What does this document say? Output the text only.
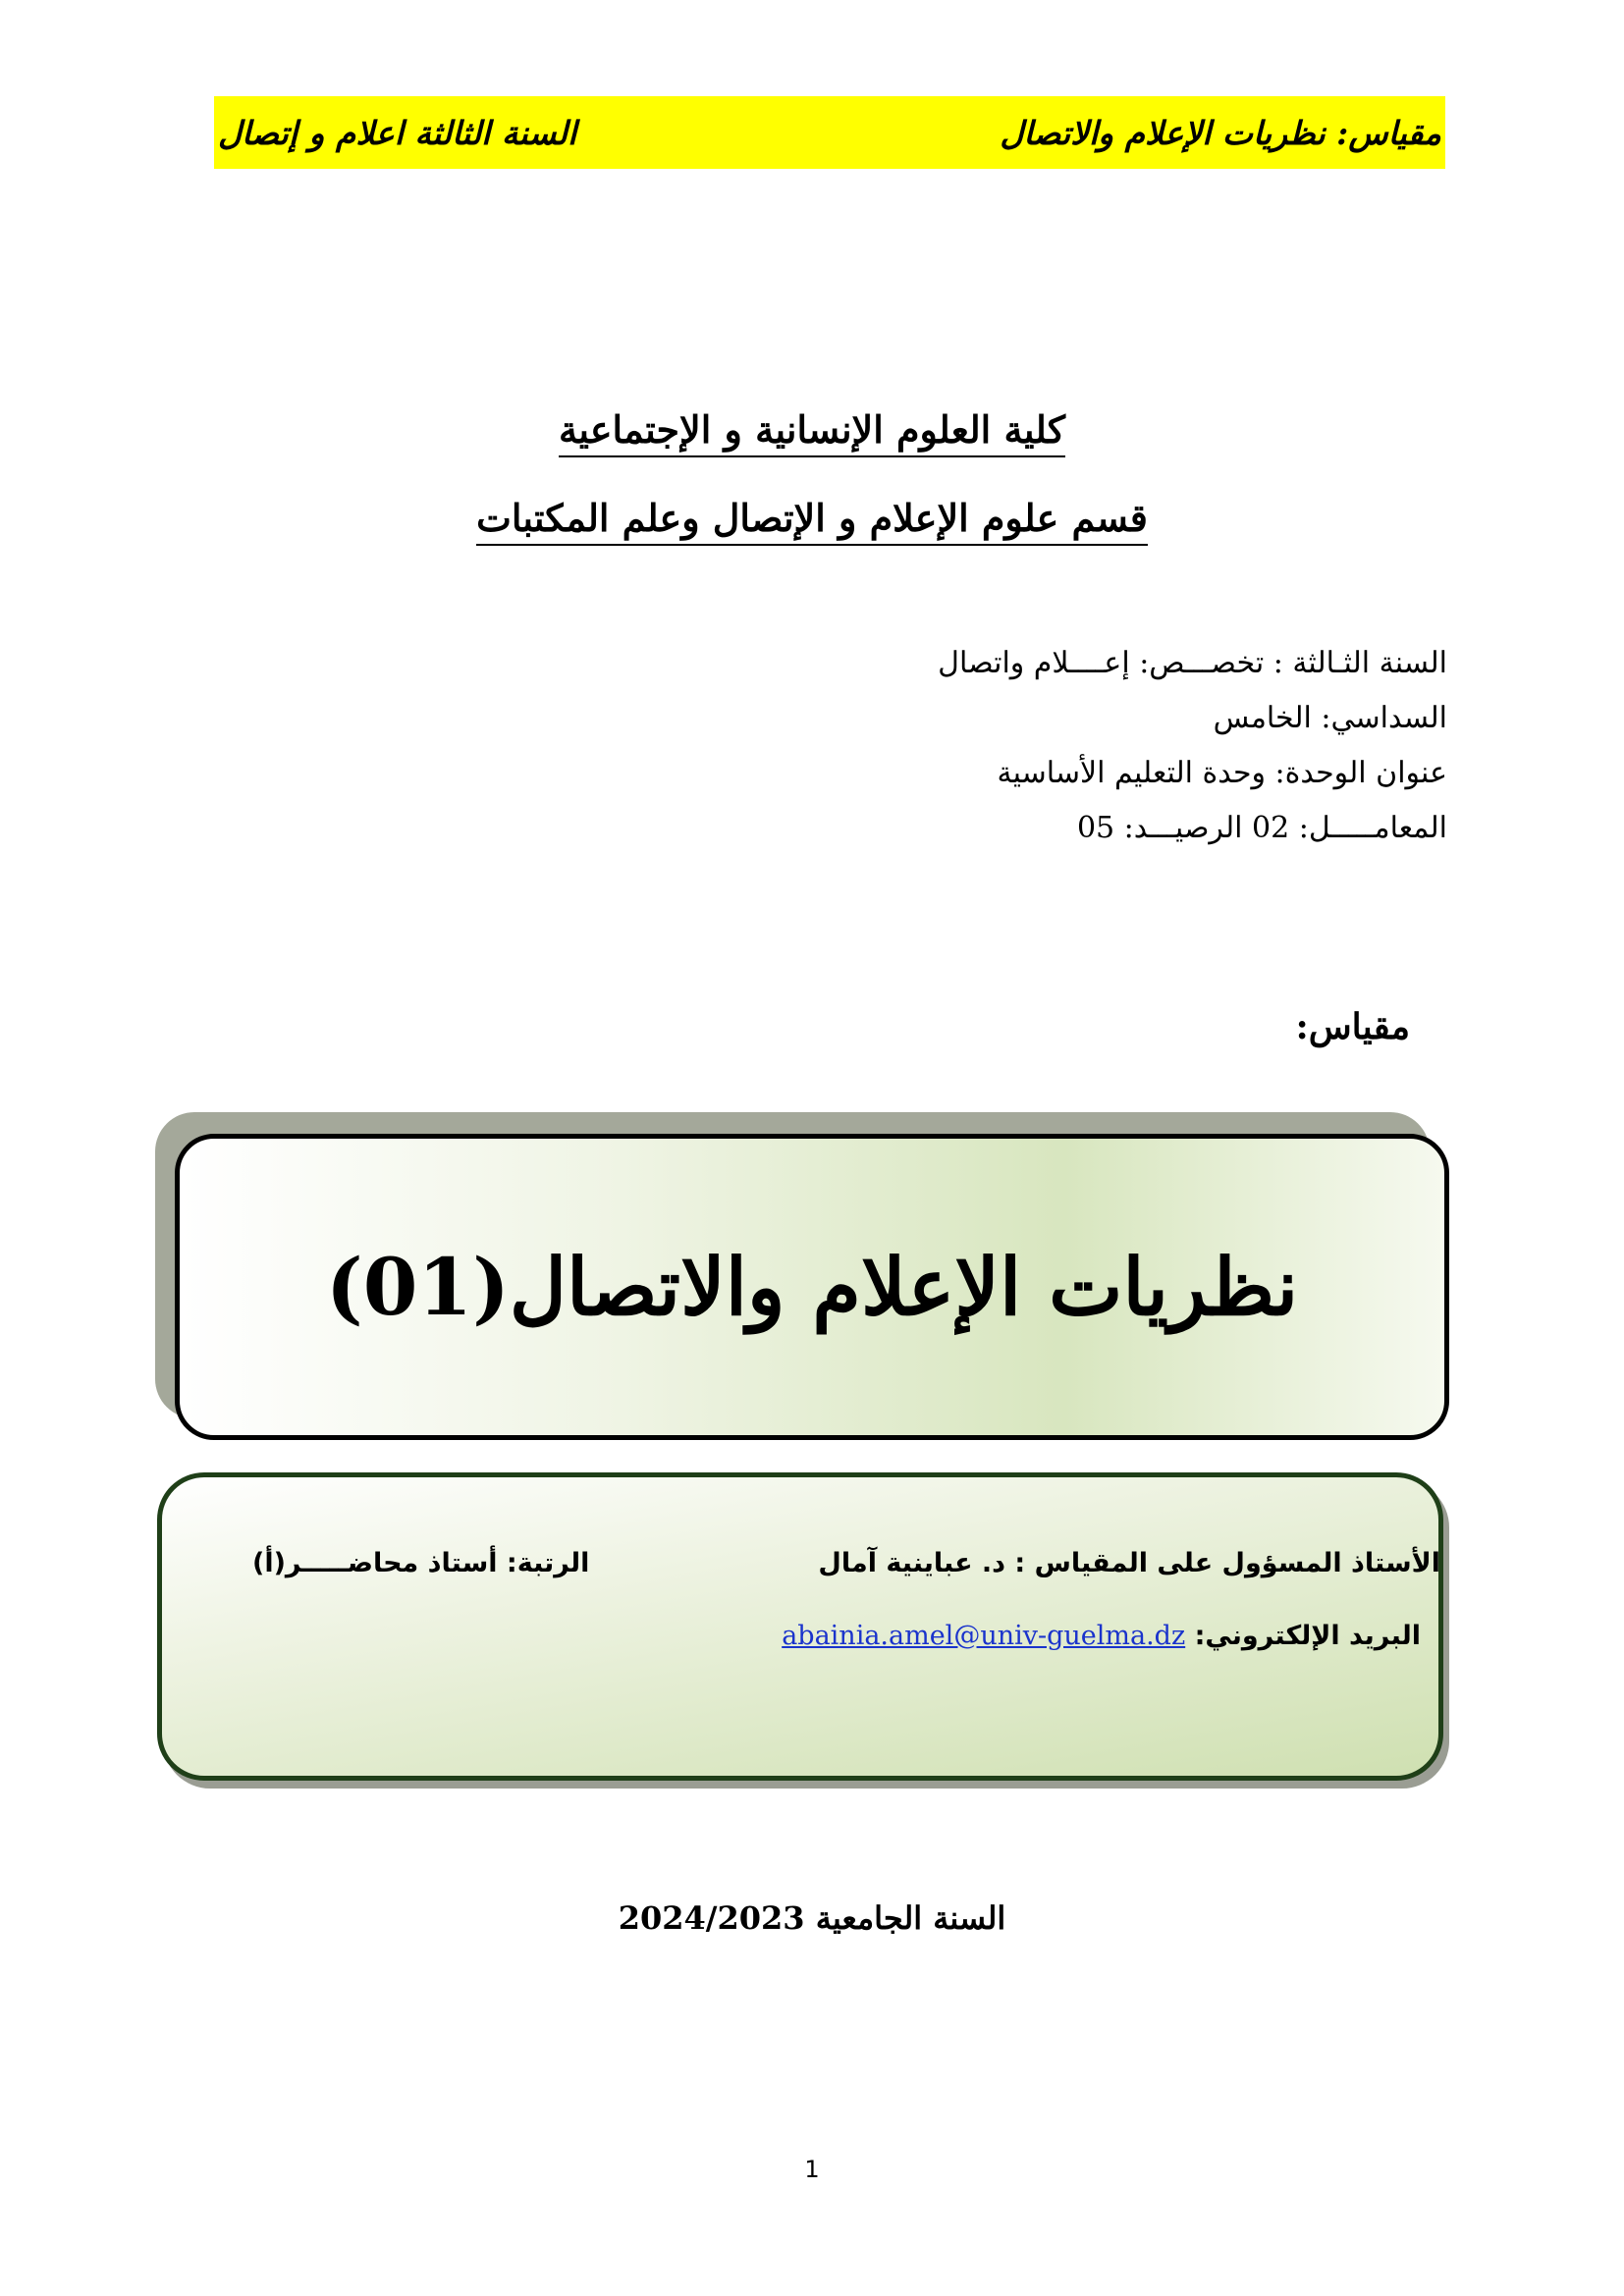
مقياس: نظريات الإعلام والاتصال
السنة الثالثة اعلام و إتصال
كلية العلوم الإنسانية و الإجتماعية
قسم علوم الإعلام و الإتصال وعلم المكتبات
السنة الثـالثة : تخصـــص: إعــــلام واتصال
السداسي: الخامس
عنوان الوحدة: وحدة التعليم الأساسية
المعامـــــل: 02 الرصيـــد: 05
مقياس:
نظريات الإعلام والاتصال(01)
الأستاذ المسؤول على المقياس : د. عباينية آمال
الرتبة: أستاذ محاضـــــر(أ)
البريد الإلكتروني: abainia.amel@univ-guelma.dz
السنة الجامعية 2024/2023
1
